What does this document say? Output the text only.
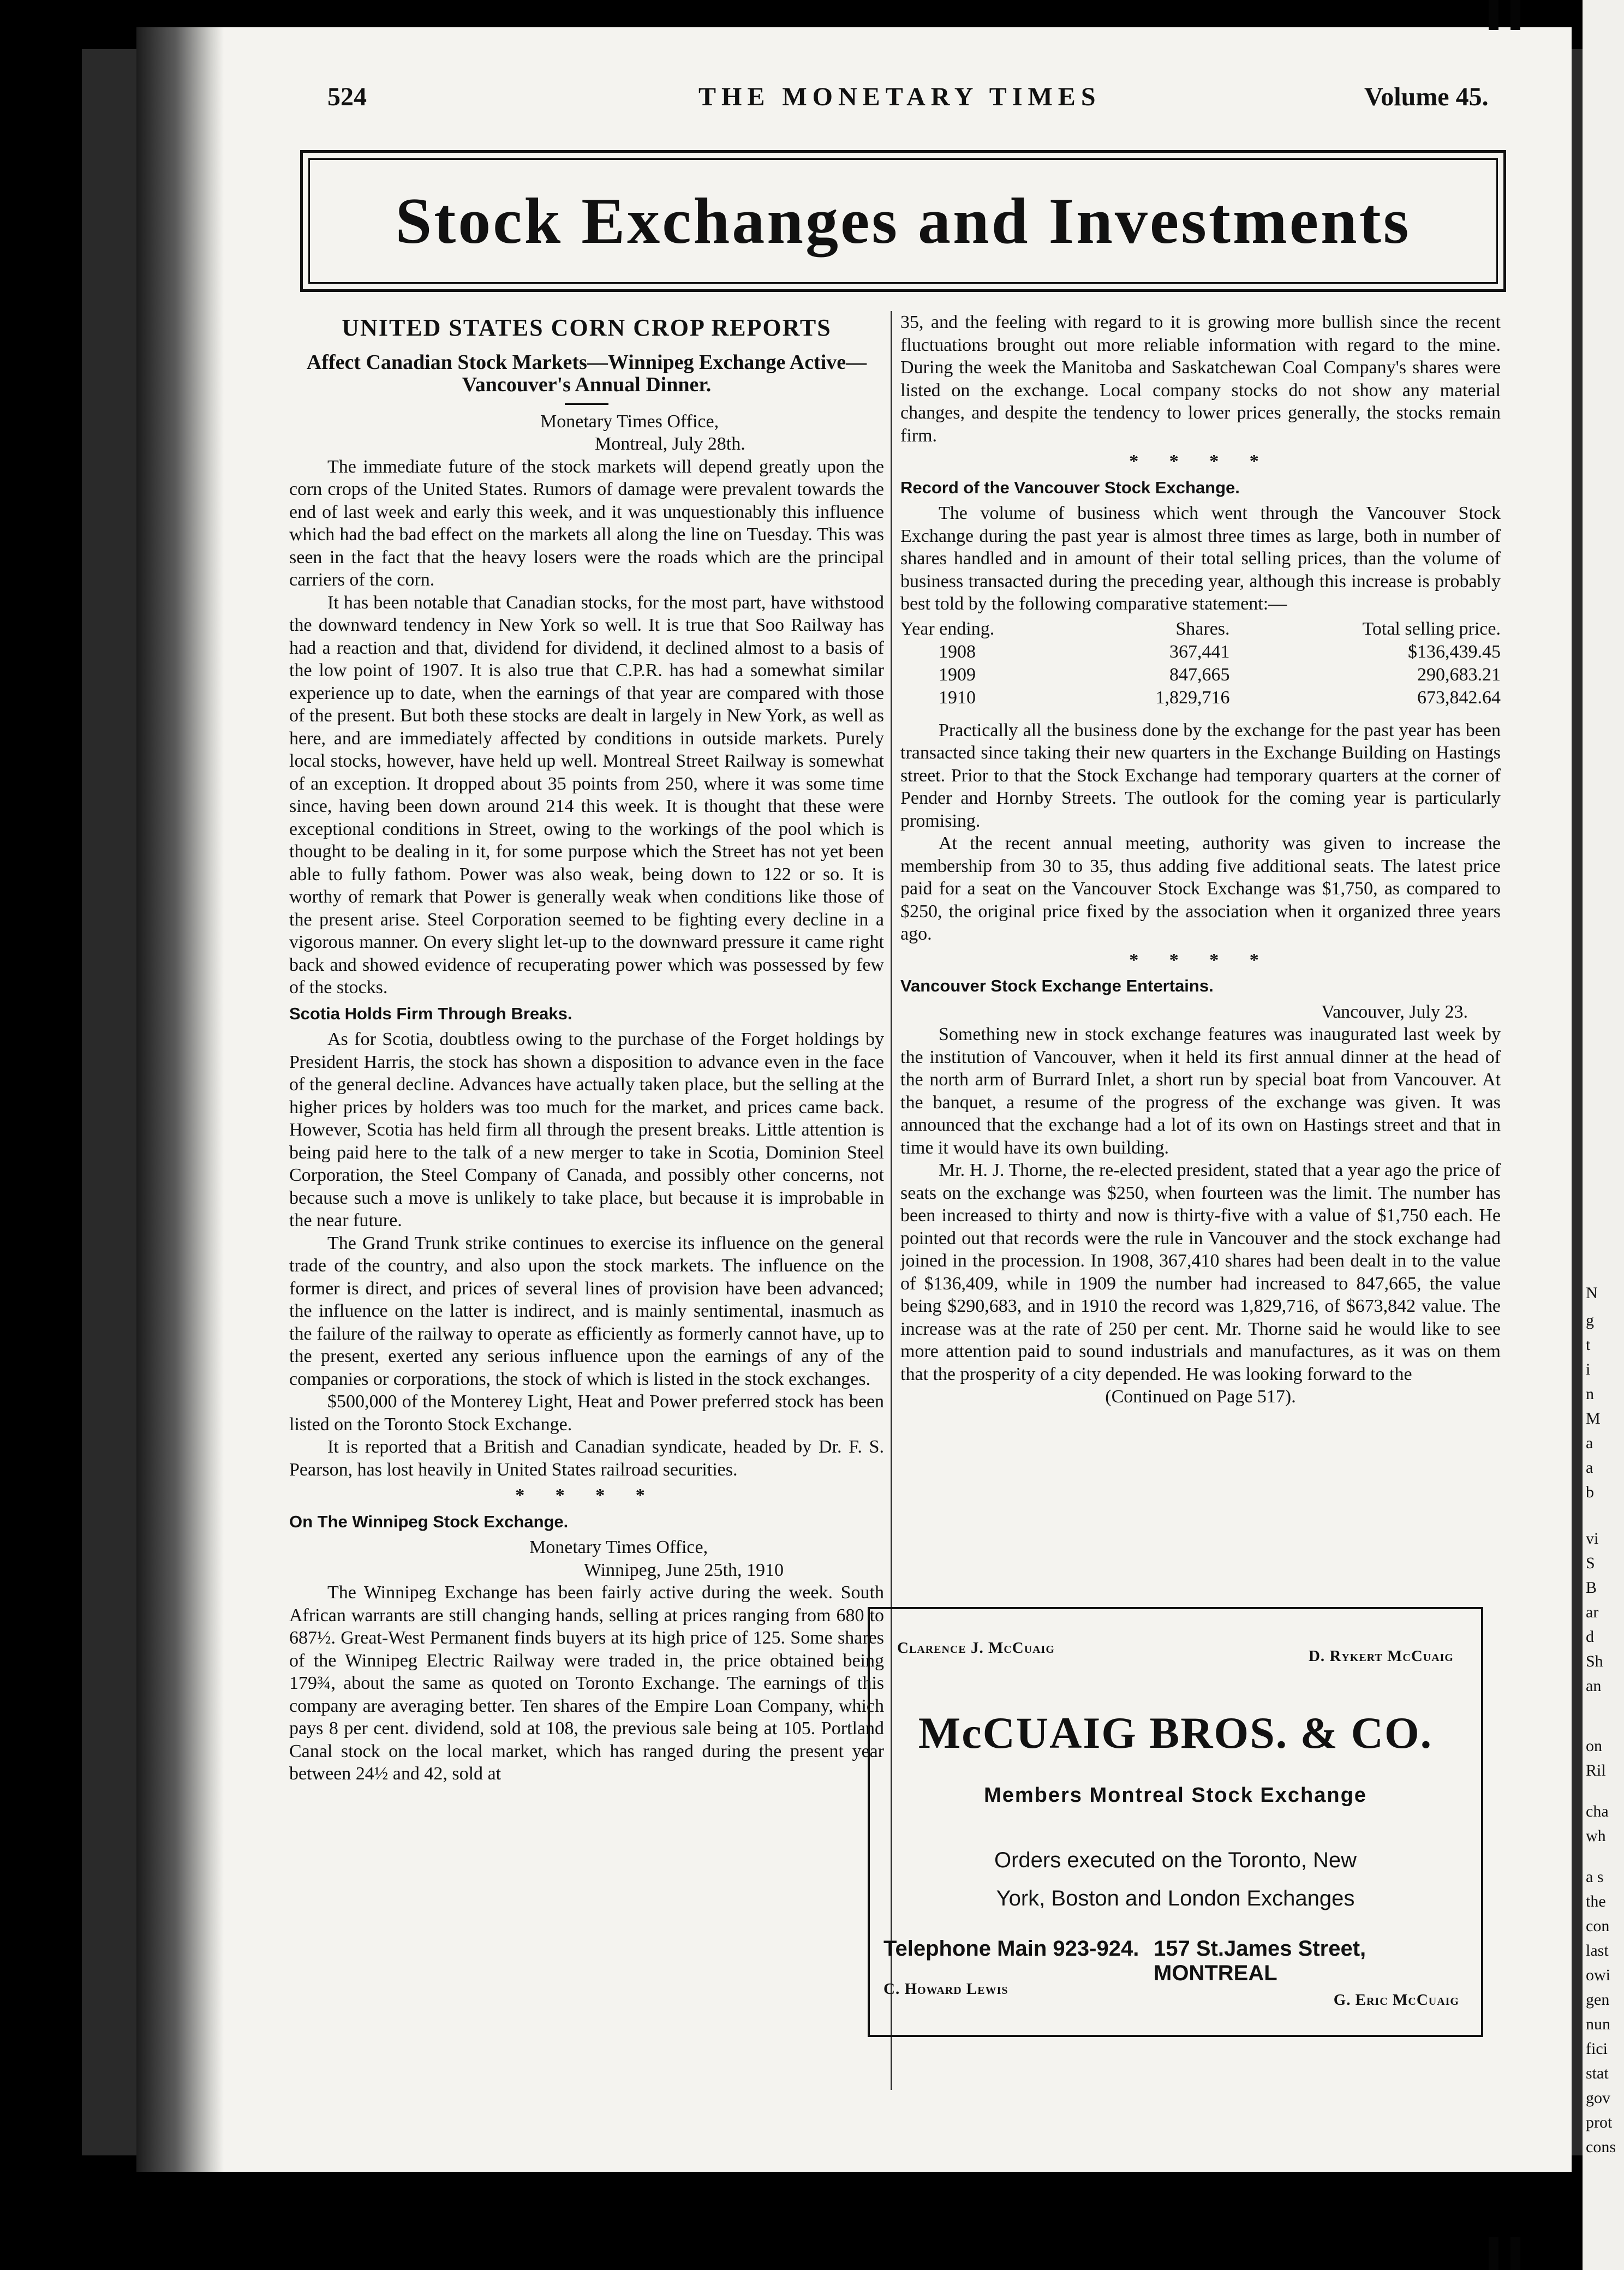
N
g
t
i
n
M
a
a
b
vi
S
B
ar
d
Sh
an
on
Ril
cha
wh
a s
the
con
last
owi
gen
nun
fici
stat
gov
prot
cons
524	THE MONETARY TIMES	Volume 45.
Stock Exchanges and Investments
UNITED STATES CORN CROP REPORTS
Affect Canadian Stock Markets—Winnipeg Exchange Active—Vancouver's Annual Dinner.
Monetary Times Office,
Montreal, July 28th.

The immediate future of the stock markets will depend greatly upon the corn crops of the United States. Rumors of damage were prevalent towards the end of last week and early this week, and it was unquestionably this influence which had the bad effect on the markets all along the line on Tuesday. This was seen in the fact that the heavy losers were the roads which are the principal carriers of the corn.

It has been notable that Canadian stocks, for the most part, have withstood the downward tendency in New York so well. It is true that Soo Railway has had a reaction and that, dividend for dividend, it declined almost to a basis of the low point of 1907. It is also true that C.P.R. has had a somewhat similar experience up to date, when the earnings of that year are compared with those of the present. But both these stocks are dealt in largely in New York, as well as here, and are immediately affected by conditions in outside markets. Purely local stocks, however, have held up well. Montreal Street Railway is somewhat of an exception. It dropped about 35 points from 250, where it was some time since, having been down around 214 this week. It is thought that these were exceptional conditions in Street, owing to the workings of the pool which is thought to be dealing in it, for some purpose which the Street has not yet been able to fully fathom. Power was also weak, being down to 122 or so. It is worthy of remark that Power is generally weak when conditions like those of the present arise. Steel Corporation seemed to be fighting every decline in a vigorous manner. On every slight let-up to the downward pressure it came right back and showed evidence of recuperating power which was possessed by few of the stocks.

Scotia Holds Firm Through Breaks.

As for Scotia, doubtless owing to the purchase of the Forget holdings by President Harris, the stock has shown a disposition to advance even in the face of the general decline. Advances have actually taken place, but the selling at the higher prices by holders was too much for the market, and prices came back. However, Scotia has held firm all through the present breaks. Little attention is being paid here to the talk of a new merger to take in Scotia, Dominion Steel Corporation, the Steel Company of Canada, and possibly other concerns, not because such a move is unlikely to take place, but because it is improbable in the near future.

The Grand Trunk strike continues to exercise its influence on the general trade of the country, and also upon the stock markets. The influence on the former is direct, and prices of several lines of provision have been advanced; the influence on the latter is indirect, and is mainly sentimental, inasmuch as the failure of the railway to operate as efficiently as formerly cannot have, up to the present, exerted any serious influence upon the earnings of any of the companies or corporations, the stock of which is listed in the stock exchanges.

$500,000 of the Monterey Light, Heat and Power preferred stock has been listed on the Toronto Stock Exchange.

It is reported that a British and Canadian syndicate, headed by Dr. F. S. Pearson, has lost heavily in United States railroad securities.

* * * *
On The Winnipeg Stock Exchange.
Monetary Times Office,
Winnipeg, June 25th, 1910

The Winnipeg Exchange has been fairly active during the week. South African warrants are still changing hands, selling at prices ranging from 680 to 687½. Great-West Permanent finds buyers at its high price of 125. Some shares of the Winnipeg Electric Railway were traded in, the price obtained being 179¾, about the same as quoted on Toronto Exchange. The earnings of this company are averaging better. Ten shares of the Empire Loan Company, which pays 8 per cent. dividend, sold at 108, the previous sale being at 105. Portland Canal stock on the local market, which has ranged during the present year between 24½ and 42, sold at

35, and the feeling with regard to it is growing more bullish since the recent fluctuations brought out more reliable information with regard to the mine. During the week the Manitoba and Saskatchewan Coal Company's shares were listed on the exchange. Local company stocks do not show any material changes, and despite the tendency to lower prices generally, the stocks remain firm.

* * * *
Record of the Vancouver Stock Exchange.

The volume of business which went through the Vancouver Stock Exchange during the past year is almost three times as large, both in number of shares handled and in amount of their total selling prices, than the volume of business transacted during the preceding year, although this increase is probably best told by the following comparative statement:—

Year ending.	Shares.	Total selling price.
1908	367,441	$136,439.45
1909	847,665	290,683.21
1910	1,829,716	673,842.64

Practically all the business done by the exchange for the past year has been transacted since taking their new quarters in the Exchange Building on Hastings street. Prior to that the Stock Exchange had temporary quarters at the corner of Pender and Hornby Streets. The outlook for the coming year is particularly promising.

At the recent annual meeting, authority was given to increase the membership from 30 to 35, thus adding five additional seats. The latest price paid for a seat on the Vancouver Stock Exchange was $1,750, as compared to $250, the original price fixed by the association when it organized three years ago.

* * * *
Vancouver Stock Exchange Entertains.
Vancouver, July 23.

Something new in stock exchange features was inaugurated last week by the institution of Vancouver, when it held its first annual dinner at the head of the north arm of Burrard Inlet, a short run by special boat from Vancouver. At the banquet, a resume of the progress of the exchange was given. It was announced that the exchange had a lot of its own on Hastings street and that in time it would have its own building.

Mr. H. J. Thorne, the re-elected president, stated that a year ago the price of seats on the exchange was $250, when fourteen was the limit. The number has been increased to thirty and now is thirty-five with a value of $1,750 each. He pointed out that records were the rule in Vancouver and the stock exchange had joined in the procession. In 1908, 367,410 shares had been dealt in to the value of $136,409, while in 1909 the number had increased to 847,665, the value being $290,683, and in 1910 the record was 1,829,716, of $673,842 value. The increase was at the rate of 250 per cent. Mr. Thorne said he would like to see more attention paid to sound industrials and manufactures, as it was on them that the prosperity of a city depended. He was looking forward to the

(Continued on Page 517).
Clarence J. McCuaig	D. Rykert McCuaig
McCUAIG BROS. & CO.
Members Montreal Stock Exchange
Orders executed on the Toronto, New
York, Boston and London Exchanges
Telephone Main 923-924. 157 St.James Street, MONTREAL
C. Howard Lewis
G. Eric McCuaig
